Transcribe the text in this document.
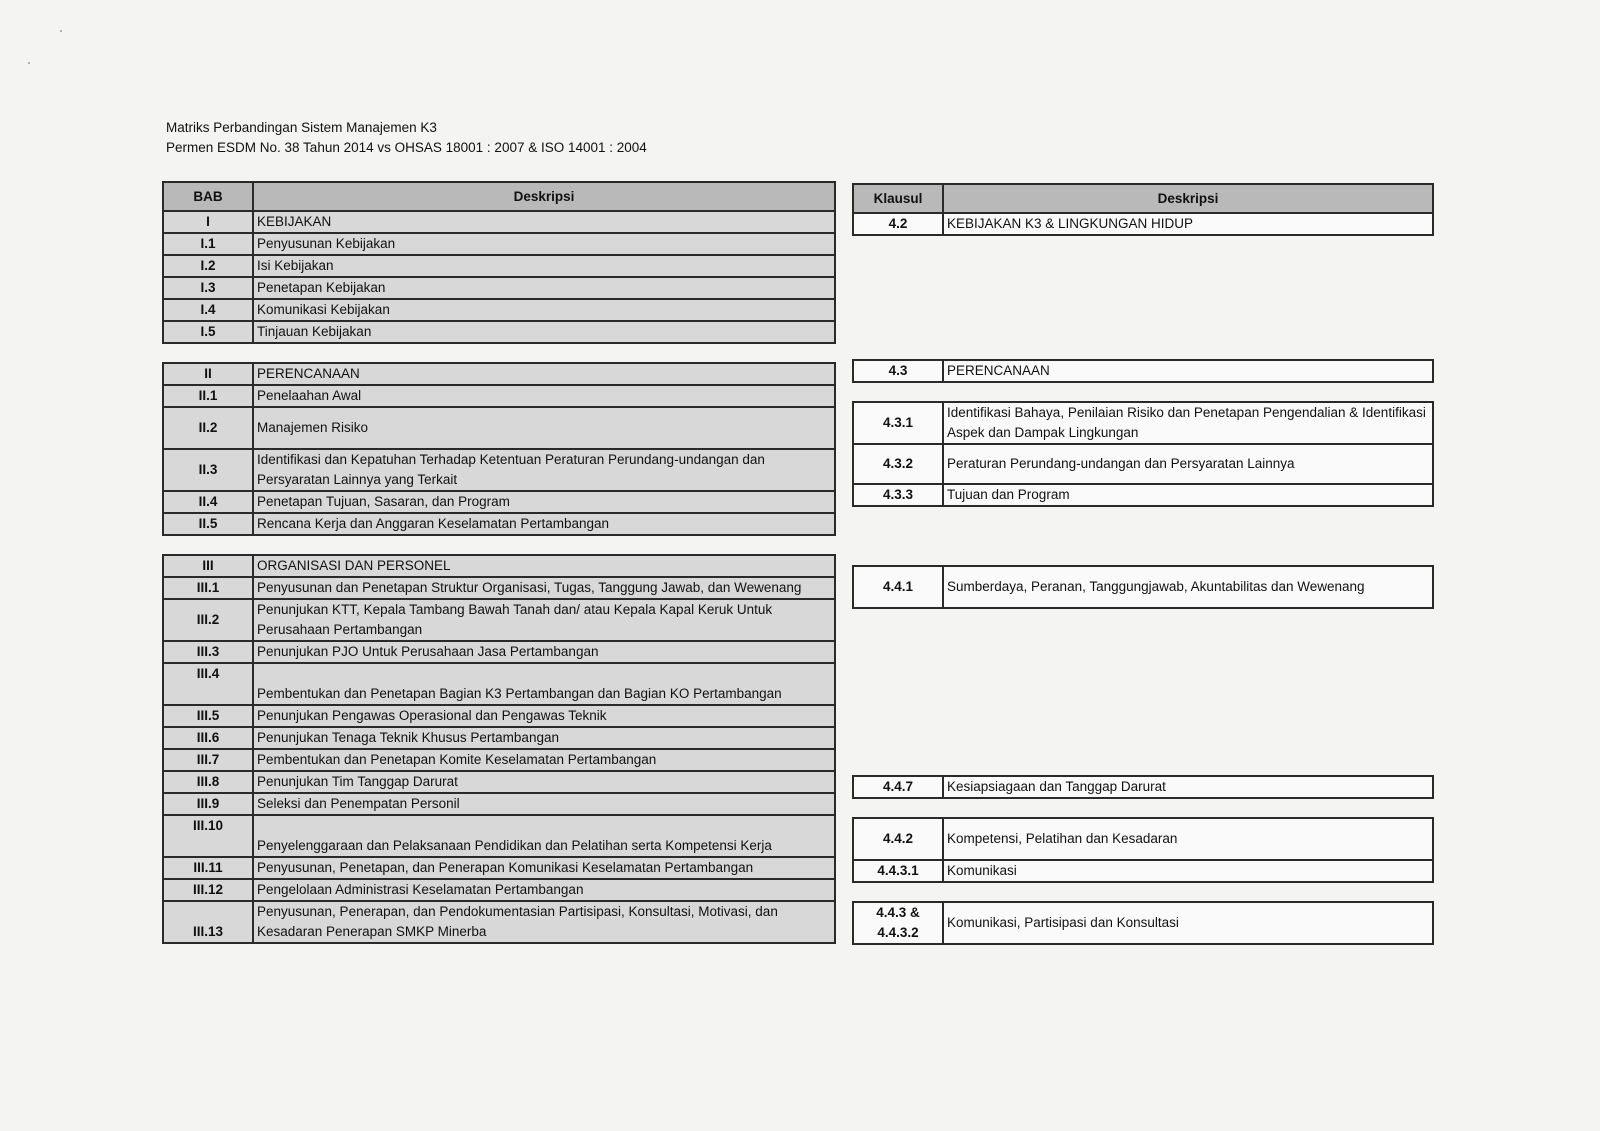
Matriks Perbandingan Sistem Manajemen K3
Permen ESDM No. 38 Tahun 2014 vs OHSAS 18001 : 2007 & ISO 14001 : 2004
BAB	Deskripsi
I	KEBIJAKAN
I.1	Penyusunan Kebijakan
I.2	Isi Kebijakan
I.3	Penetapan Kebijakan
I.4	Komunikasi Kebijakan
I.5	Tinjauan Kebijakan

II	PERENCANAAN
II.1	Penelaahan Awal
II.2	Manajemen Risiko
II.3	Identifikasi dan Kepatuhan Terhadap Ketentuan Peraturan Perundang-undangan dan Persyaratan Lainnya yang Terkait
II.4	Penetapan Tujuan, Sasaran, dan Program
II.5	Rencana Kerja dan Anggaran Keselamatan Pertambangan

III	ORGANISASI DAN PERSONEL
III.1	Penyusunan dan Penetapan Struktur Organisasi, Tugas, Tanggung Jawab, dan Wewenang
III.2	Penunjukan KTT, Kepala Tambang Bawah Tanah dan/ atau Kepala Kapal Keruk Untuk Perusahaan Pertambangan
III.3	Penunjukan PJO Untuk Perusahaan Jasa Pertambangan
III.4	Pembentukan dan Penetapan Bagian K3 Pertambangan dan Bagian KO Pertambangan
III.5	Penunjukan Pengawas Operasional dan Pengawas Teknik
III.6	Penunjukan Tenaga Teknik Khusus Pertambangan
III.7	Pembentukan dan Penetapan Komite Keselamatan Pertambangan
III.8	Penunjukan Tim Tanggap Darurat
III.9	Seleksi dan Penempatan Personil
III.10	Penyelenggaraan dan Pelaksanaan Pendidikan dan Pelatihan serta Kompetensi Kerja
III.11	Penyusunan, Penetapan, dan Penerapan Komunikasi Keselamatan Pertambangan
III.12	Pengelolaan Administrasi Keselamatan Pertambangan
III.13	Penyusunan, Penerapan, dan Pendokumentasian Partisipasi, Konsultasi, Motivasi, dan Kesadaran Penerapan SMKP Minerba
Klausul	Deskripsi
4.2	KEBIJAKAN K3 & LINGKUNGAN HIDUP

4.3	PERENCANAAN

4.3.1	Identifikasi Bahaya, Penilaian Risiko dan Penetapan Pengendalian & Identifikasi Aspek dan Dampak Lingkungan
4.3.2	Peraturan Perundang-undangan dan Persyaratan Lainnya
4.3.3	Tujuan dan Program

4.4.1	Sumberdaya, Peranan, Tanggungjawab, Akuntabilitas dan Wewenang

4.4.7	Kesiapsiagaan dan Tanggap Darurat

4.4.2	Kompetensi, Pelatihan dan Kesadaran
4.4.3.1	Komunikasi

4.4.3 & 4.4.3.2	Komunikasi, Partisipasi dan Konsultasi
